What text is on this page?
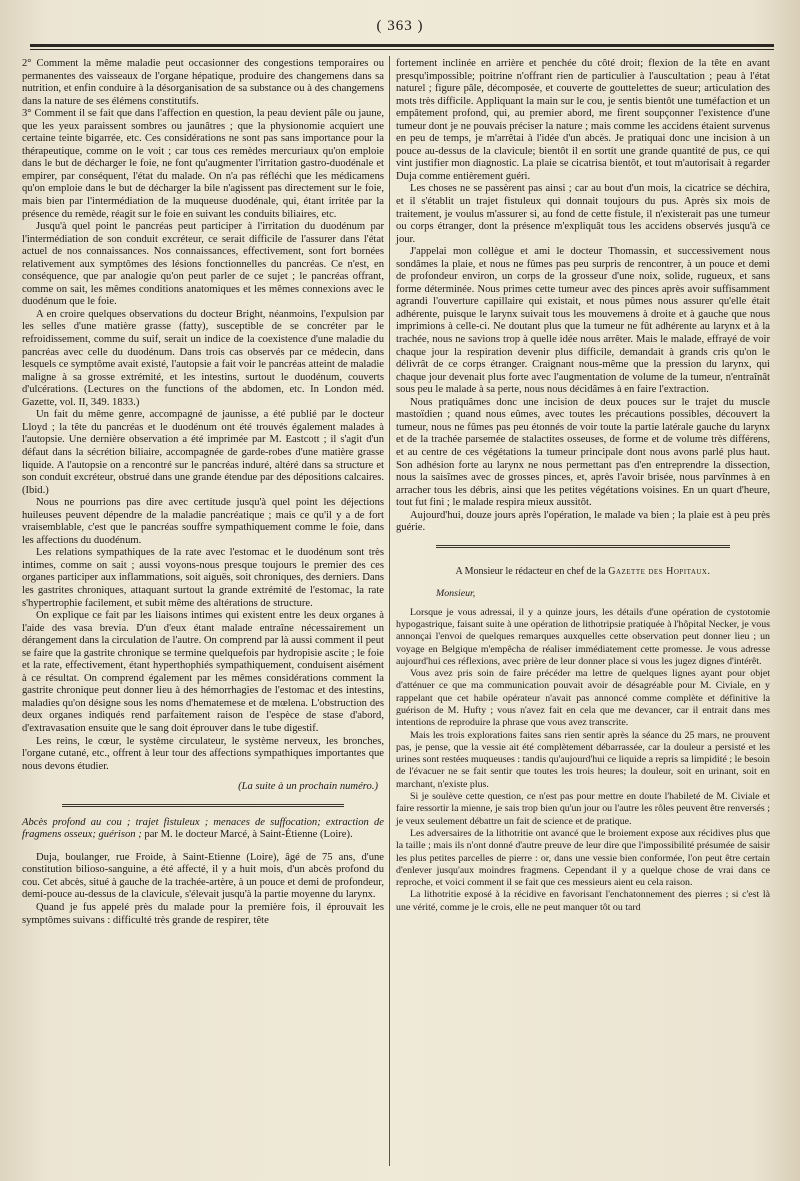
( 363 )

2° Comment la même maladie peut occasionner des congestions temporaires ou permanentes des vaisseaux de l'organe hépatique, produire des changemens dans sa nutrition, et enfin conduire à la désorganisation de sa substance ou à des changemens dans la nature de ses élémens constitutifs.

3° Comment il se fait que dans l'affection en question, la peau devient pâle ou jaune, que les yeux paraissent sombres ou jaunâtres ; que la physionomie acquiert une certaine teinte bigarrée, etc. Ces considérations ne sont pas sans importance pour la thérapeutique, comme on le voit ; car tous ces remèdes mercuriaux qu'on emploie dans le but de décharger le foie, ne font qu'augmenter l'irritation gastro-duodénale et empirer, par conséquent, l'état du malade. On n'a pas réfléchi que les médicamens qu'on emploie dans le but de décharger la bile n'agissent pas directement sur le foie, mais bien par l'intermédiation de la muqueuse duodénale, qui, étant irritée par la présence du remède, réagit sur le foie en suivant les conduits biliaires, etc.

Jusqu'à quel point le pancréas peut participer à l'irritation du duodénum par l'intermédiation de son conduit excréteur, ce serait difficile de l'assurer dans l'état actuel de nos connaissances. Nos connaissances, effectivement, sont fort bornées relativement aux symptômes des lésions fonctionnelles du pancréas. Ce n'est, en conséquence, que par analogie qu'on peut parler de ce sujet ; le pancréas offrant, comme on sait, les mêmes conditions anatomiques et les mêmes connexions avec le duodénum que le foie.

A en croire quelques observations du docteur Bright, néanmoins, l'expulsion par les selles d'une matière grasse (fatty), susceptible de se concréter par le refroidissement, comme du suif, serait un indice de la coexistence d'une maladie du pancréas avec celle du duodénum. Dans trois cas observés par ce médecin, dans lesquels ce symptôme avait existé, l'autopsie a fait voir le pancréas atteint de maladie maligne à sa grosse extrémité, et les intestins, surtout le duodénum, couverts d'ulcérations. (Lectures on the functions of the abdomen, etc. In London méd. Gazette, vol. II, 349. 1833.)

Un fait du même genre, accompagné de jaunisse, a été publié par le docteur Lloyd ; la tête du pancréas et le duodénum ont été trouvés également malades à l'autopsie. Une dernière observation a été imprimée par M. Eastcott ; il s'agit d'un défaut dans la sécrétion biliaire, accompagnée de garde-robes d'une matière grasse liquide. A l'autopsie on a rencontré sur le pancréas induré, altéré dans sa structure et son conduit excréteur, obstrué dans une grande étendue par des dépositions calcaires. (Ibid.)

Nous ne pourrions pas dire avec certitude jusqu'à quel point les déjections huileuses peuvent dépendre de la maladie pancréatique ; mais ce qu'il y a de fort vraisemblable, c'est que le pancréas souffre sympathiquement comme le foie, dans les affections du duodénum.

Les relations sympathiques de la rate avec l'estomac et le duodénum sont très intimes, comme on sait ; aussi voyons-nous presque toujours le premier des ces organes participer aux inflammations, soit aiguës, soit chroniques, des derniers. Dans les gastrites chroniques, attaquant surtout la grande extrémité de l'estomac, la rate s'hypertrophie facilement, et subit même des altérations de structure.

On explique ce fait par les liaisons intimes qui existent entre les deux organes à l'aide des vasa brevia. D'un d'eux étant malade entraîne nécessairement un dérangement dans la circulation de l'autre. On comprend par là aussi comment il peut se faire que la gastrite chronique se termine quelquefois par hydropisie ascite ; le foie et la rate, effectivement, étant hyperthophiés sympathiquement, conduisent aisément à ce résultat. On comprend également par les mêmes considérations comment la gastrite chronique peut donner lieu à des hémorrhagies de l'estomac et des intestins, maladies qu'on désigne sous les noms d'hematemese et de mœlena. L'obstruction des deux organes indiqués rend parfaitement raison de l'espèce de stase d'abord, d'extravasation ensuite que le sang doit éprouver dans le tube digestif.

Les reins, le cœur, le système circulateur, le système nerveux, les bronches, l'organe cutané, etc., offrent à leur tour des affections sympathiques importantes que nous devons étudier.

(La suite à un prochain numéro.)
Abcès profond au cou ; trajet fistuleux ; menaces de suffocation; extraction de fragmens osseux; guérison ; par M. le docteur Marcé, à Saint-Étienne (Loire).

Duja, boulanger, rue Froide, à Saint-Etienne (Loire), âgé de 75 ans, d'une constitution bilioso-sanguine, a été affecté, il y a huit mois, d'un abcès profond du cou. Cet abcès, situé à gauche de la trachée-artère, à un pouce et demi de profondeur, demi-pouce au-dessus de la clavicule, s'élevait jusqu'à la partie moyenne du larynx.

Quand je fus appelé près du malade pour la première fois, il éprouvait les symptômes suivans : difficulté très grande de respirer, tête

fortement inclinée en arrière et penchée du côté droit; flexion de la tête en avant presqu'impossible; poitrine n'offrant rien de particulier à l'auscultation ; peau à l'état naturel ; figure pâle, décomposée, et couverte de gouttelettes de sueur; articulation des mots très difficile. Appliquant la main sur le cou, je sentis bientôt une tuméfaction et un empâtement profond, qui, au premier abord, me firent soupçonner l'existence d'une tumeur dont je ne pouvais préciser la nature ; mais comme les accidens étaient survenus en peu de temps, je m'arrêtai à l'idée d'un abcès. Je pratiquai donc une incision à un pouce au-dessus de la clavicule; bientôt il en sortit une grande quantité de pus, ce qui vint justifier mon diagnostic. La plaie se cicatrisa bientôt, et tout m'autorisait à regarder Duja comme entièrement guéri.

Les choses ne se passèrent pas ainsi ; car au bout d'un mois, la cicatrice se déchira, et il s'établit un trajet fistuleux qui donnait toujours du pus. Après six mois de traitement, je voulus m'assurer si, au fond de cette fistule, il n'existerait pas une tumeur ou corps étranger, dont la présence m'expliquât tous les accidens observés jusqu'à ce jour.

J'appelai mon collègue et ami le docteur Thomassin, et successivement nous sondâmes la plaie, et nous ne fûmes pas peu surpris de rencontrer, à un pouce et demi de profondeur environ, un corps de la grosseur d'une noix, solide, rugueux, et sans forme déterminée. Nous primes cette tumeur avec des pinces après avoir suffisamment agrandi l'ouverture capillaire qui existait, et nous pûmes nous assurer qu'elle était adhérente, puisque le larynx suivait tous les mouvemens à droite et à gauche que nous imprimions à celle-ci. Ne doutant plus que la tumeur ne fût adhérente au larynx et à la trachée, nous ne savions trop à quelle idée nous arrêter. Mais le malade, effrayé de voir chaque jour la respiration devenir plus difficile, demandait à grands cris qu'on le délivrât de ce corps étranger. Craignant nous-même que la pression du larynx, qui chaque jour devenait plus forte avec l'augmentation de volume de la tumeur, n'entraînât sous peu le malade à sa perte, nous nous décidâmes à en faire l'extraction.

Nous pratiquâmes donc une incision de deux pouces sur le trajet du muscle mastoïdien ; quand nous eûmes, avec toutes les précautions possibles, découvert la tumeur, nous ne fûmes pas peu étonnés de voir toute la partie latérale gauche du larynx et de la trachée parsemée de stalactites osseuses, de forme et de volume très différens, et au centre de ces végétations la tumeur principale dont nous avons parlé plus haut. Son adhésion forte au larynx ne nous permettant pas d'en entreprendre la dissection, nous la saisîmes avec de grosses pinces, et, après l'avoir brisée, nous parvînmes à en arracher tous les débris, ainsi que les petites végétations voisines. En un quart d'heure, tout fut fini ; le malade respira mieux aussitôt.

Aujourd'hui, douze jours après l'opération, le malade va bien ; la plaie est à peu près guérie.

A Monsieur le rédacteur en chef de la Gazette des Hopitaux.

Monsieur,

Lorsque je vous adressai, il y a quinze jours, les détails d'une opération de cystotomie hypogastrique, faisant suite à une opération de lithotripsie pratiquée à l'hôpital Necker, je vous annonçai l'envoi de quelques remarques auxquelles cette observation peut donner lieu ; un voyage en Belgique m'empêcha de réaliser immédiatement cette promesse. Je vous adresse aujourd'hui ces réflexions, avec prière de leur donner place si vous les jugez dignes d'intérêt.

Vous avez pris soin de faire précéder ma lettre de quelques lignes ayant pour objet d'atténuer ce que ma communication pouvait avoir de désagréable pour M. Civiale, en y rappelant que cet habile opérateur n'avait pas annoncé comme complète et définitive la guérison de M. Hufty ; vous n'avez fait en cela que me devancer, car il entrait dans mes intentions de reproduire la phrase que vous avez transcrite.

Mais les trois explorations faites sans rien sentir après la séance du 25 mars, ne prouvent pas, je pense, que la vessie ait été complètement débarrassée, car la douleur a persisté et les urines sont restées muqueuses : tandis qu'aujourd'hui ce liquide a repris sa limpidité ; le besoin de l'évacuer ne se fait sentir que toutes les trois heures; la douleur, soit en urinant, soit en marchant, n'existe plus.

Si je soulève cette question, ce n'est pas pour mettre en doute l'habileté de M. Civiale et faire ressortir la mienne, je sais trop bien qu'un jour ou l'autre les rôles peuvent être renversés ; je veux seulement débattre un fait de science et de pratique.

Les adversaires de la lithotritie ont avancé que le broiement expose aux récidives plus que la taille ; mais ils n'ont donné d'autre preuve de leur dire que l'impossibilité présumée de saisir les plus petites parcelles de pierre : or, dans une vessie bien conformée, l'on peut être certain d'enlever jusqu'aux moindres fragmens. Cependant il y a quelque chose de vrai dans ce reproche, et voici comment il se fait que ces messieurs aient eu cela raison.

La lithotritie exposé à la récidive en favorisant l'enchatonnement des pierres ; si c'est là une vérité, comme je le crois, elle ne peut manquer tôt ou tard
